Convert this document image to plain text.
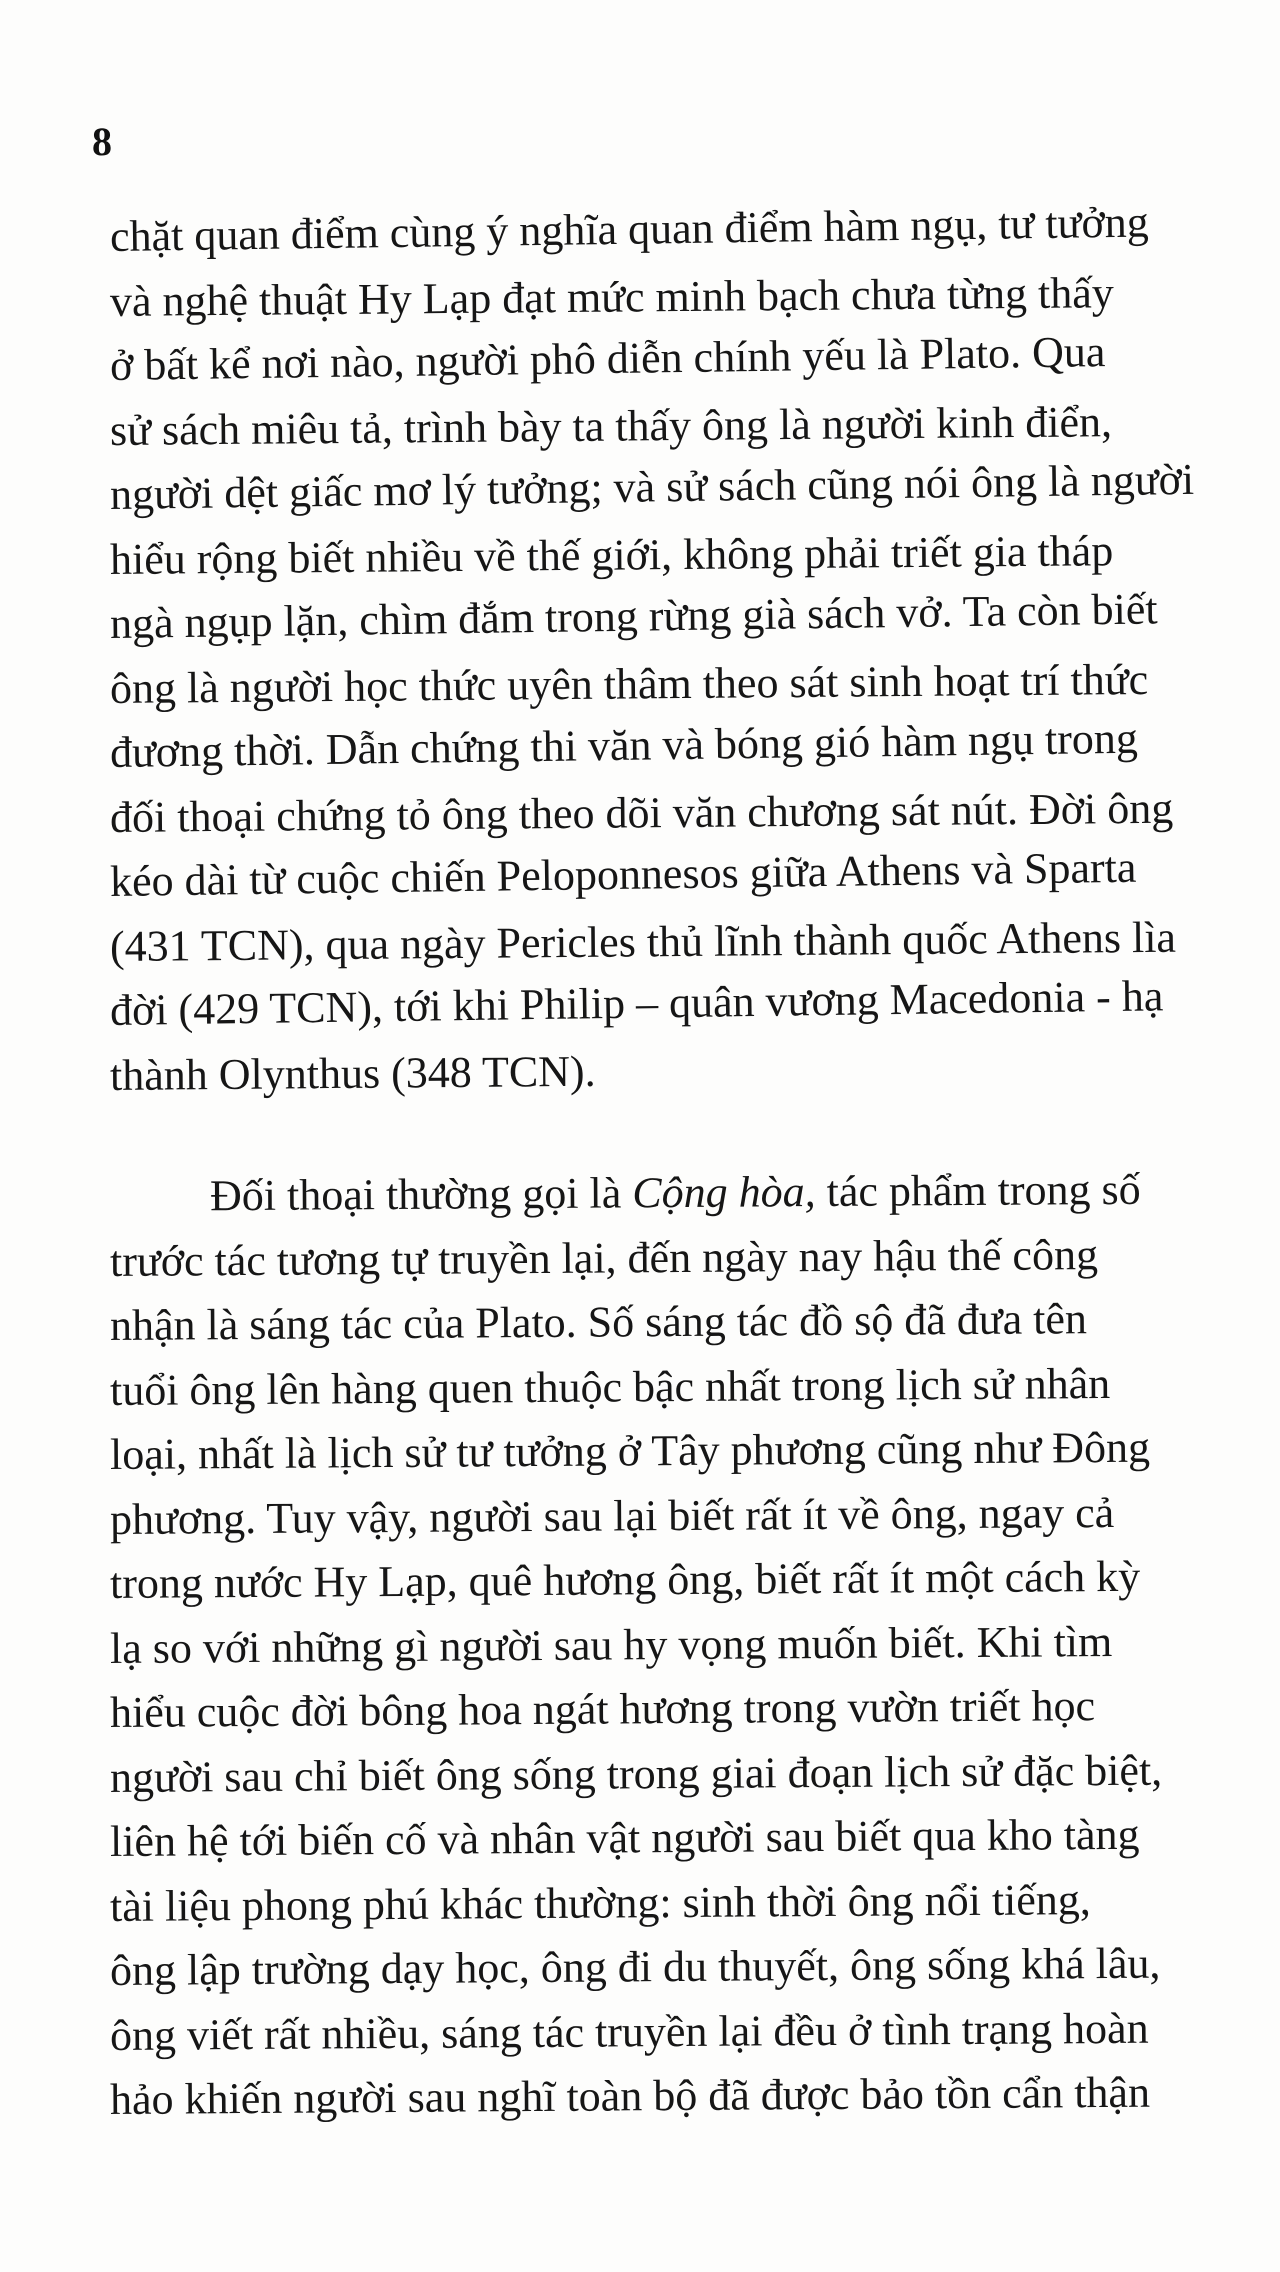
8
chặt quan điểm cùng ý nghĩa quan điểm hàm ngụ, tư tưởng
và nghệ thuật Hy Lạp đạt mức minh bạch chưa từng thấy
ở bất kể nơi nào, người phô diễn chính yếu là Plato. Qua
sử sách miêu tả, trình bày ta thấy ông là người kinh điển,
người dệt giấc mơ lý tưởng; và sử sách cũng nói ông là người
hiểu rộng biết nhiều về thế giới, không phải triết gia tháp
ngà ngụp lặn, chìm đắm trong rừng già sách vở. Ta còn biết
ông là người học thức uyên thâm theo sát sinh hoạt trí thức
đương thời. Dẫn chứng thi văn và bóng gió hàm ngụ trong
đối thoại chứng tỏ ông theo dõi văn chương sát nút. Đời ông
kéo dài từ cuộc chiến Peloponnesos giữa Athens và Sparta
(431 TCN), qua ngày Pericles thủ lĩnh thành quốc Athens lìa
đời (429 TCN), tới khi Philip – quân vương Macedonia - hạ
thành Olynthus (348 TCN).
Đối thoại thường gọi là Cộng hòa, tác phẩm trong số
trước tác tương tự truyền lại, đến ngày nay hậu thế công
nhận là sáng tác của Plato. Số sáng tác đồ sộ đã đưa tên
tuổi ông lên hàng quen thuộc bậc nhất trong lịch sử nhân
loại, nhất là lịch sử tư tưởng ở Tây phương cũng như Đông
phương. Tuy vậy, người sau lại biết rất ít về ông, ngay cả
trong nước Hy Lạp, quê hương ông, biết rất ít một cách kỳ
lạ so với những gì người sau hy vọng muốn biết. Khi tìm
hiểu cuộc đời bông hoa ngát hương trong vườn triết học
người sau chỉ biết ông sống trong giai đoạn lịch sử đặc biệt,
liên hệ tới biến cố và nhân vật người sau biết qua kho tàng
tài liệu phong phú khác thường: sinh thời ông nổi tiếng,
ông lập trường dạy học, ông đi du thuyết, ông sống khá lâu,
ông viết rất nhiều, sáng tác truyền lại đều ở tình trạng hoàn
hảo khiến người sau nghĩ toàn bộ đã được bảo tồn cẩn thận
